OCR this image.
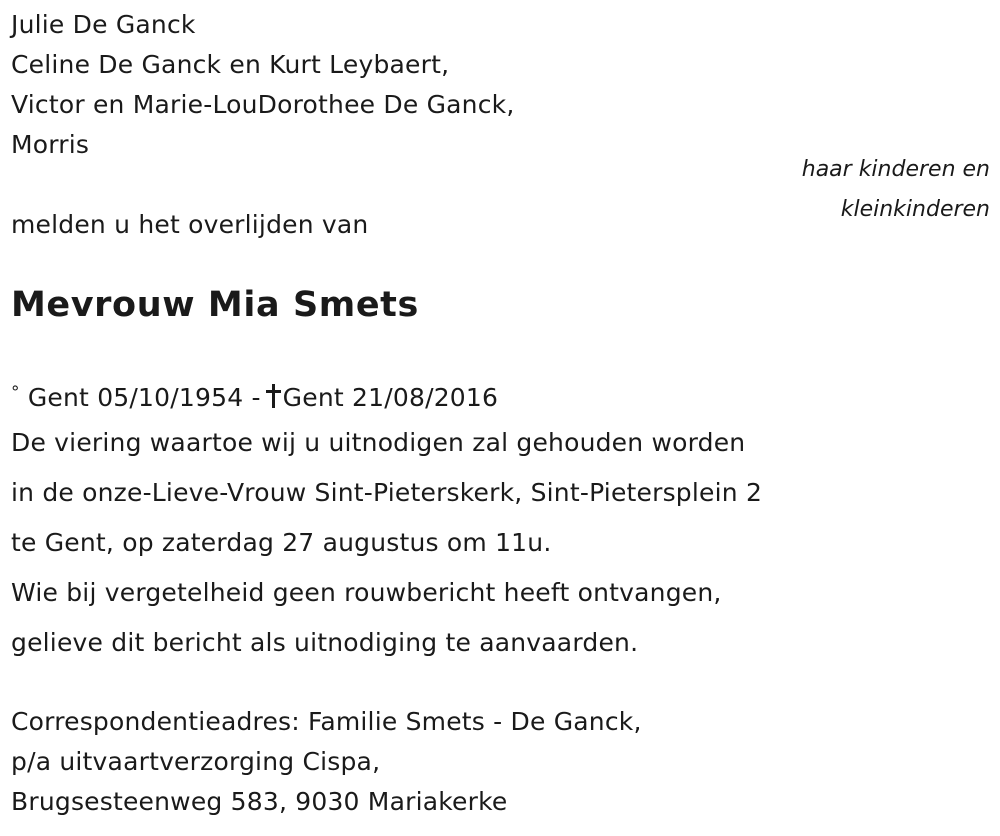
Julie De Ganck
Celine De Ganck en Kurt Leybaert,
Victor en Marie-LouDorothee De Ganck,
Morris
haar kinderen en
kleinkinderen
melden u het overlijden van
Mevrouw Mia Smets
° Gent 05/10/1954 - Gent 21/08/2016
De viering waartoe wij u uitnodigen zal gehouden worden
in de onze-Lieve-Vrouw Sint-Pieterskerk, Sint-Pietersplein 2
te Gent, op zaterdag 27 augustus om 11u.
Wie bij vergetelheid geen rouwbericht heeft ontvangen,
gelieve dit bericht als uitnodiging te aanvaarden.
Correspondentieadres: Familie Smets - De Ganck,
p/a uitvaartverzorging Cispa,
Brugsesteenweg 583, 9030 Mariakerke
